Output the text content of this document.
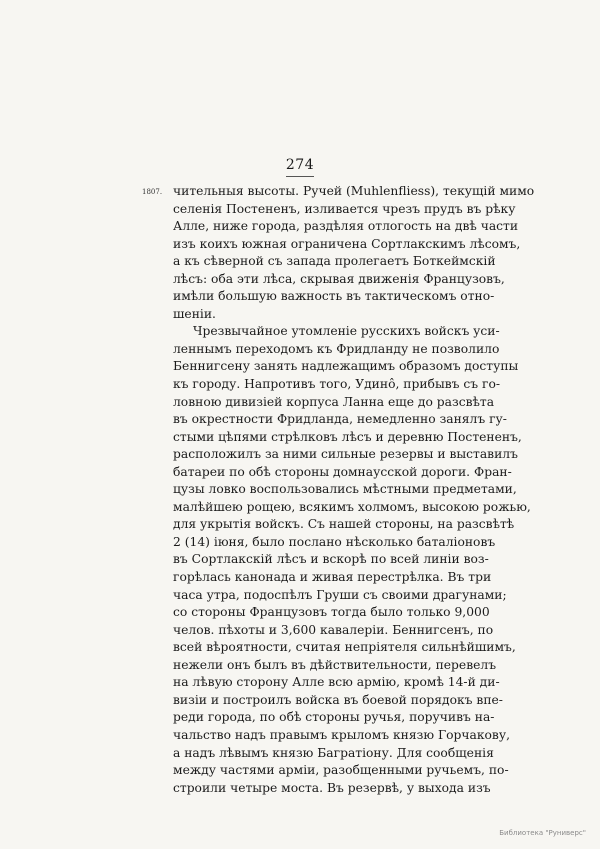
274
1807. чительныя высоты. Ручей (Muhlenfliess), текущій мимо
селенія Постененъ, изливается чрезъ прудъ въ рѣку
Алле, ниже города, раздѣляя отлогость на двѣ части
изъ коихъ южная ограничена Сортлакскимъ лѣсомъ,
а къ сѣверной съ запада пролегаетъ Боткеймскій
лѣсъ: оба эти лѣса, скрывая движенія Французовъ,
имѣли большую важность въ тактическомъ отно-
шеніи.
Чрезвычайное утомленіе русскихъ войскъ уси-
леннымъ переходомъ къ Фридланду не позволило
Беннигсену занять надлежащимъ образомъ доступы
къ городу. Напротивъ того, Удинô, прибывъ съ го-
ловною дивизіей корпуса Ланна еще до разсвѣта
въ окрестности Фридланда, немедленно занялъ гу-
стыми цѣпями стрѣлковъ лѣсъ и деревню Постененъ,
расположилъ за ними сильные резервы и выставилъ
батареи по обѣ стороны домнаусской дороги. Фран-
цузы ловко воспользовались мѣстными предметами,
малѣйшею рощею, всякимъ холмомъ, высокою рожью,
для укрытія войскъ. Съ нашей стороны, на разсвѣтѣ
2 (14) іюня, было послано нѣсколько баталіоновъ
въ Сортлакскій лѣсъ и вскорѣ по всей линіи воз-
горѣлась канонада и живая перестрѣлка. Въ три
часа утра, подоспѣлъ Груши съ своими драгунами;
со стороны Французовъ тогда было только 9,000
челов. пѣхоты и 3,600 кавалеріи. Беннигсенъ, по
всей вѣроятности, считая непріятеля сильнѣйшимъ,
нежели онъ былъ въ дѣйствительности, перевелъ
на лѣвую сторону Алле всю армію, кромѣ 14-й ди-
визіи и построилъ войска въ боевой порядокъ впе-
реди города, по обѣ стороны ручья, поручивъ на-
чальство надъ правымъ крыломъ князю Горчакову,
а надъ лѣвымъ князю Багратіону. Для сообщенія
между частями арміи, разобщенными ручьемъ, по-
строили четыре моста. Въ резервѣ, у выхода изъ
Библиотека "Руниверс"
